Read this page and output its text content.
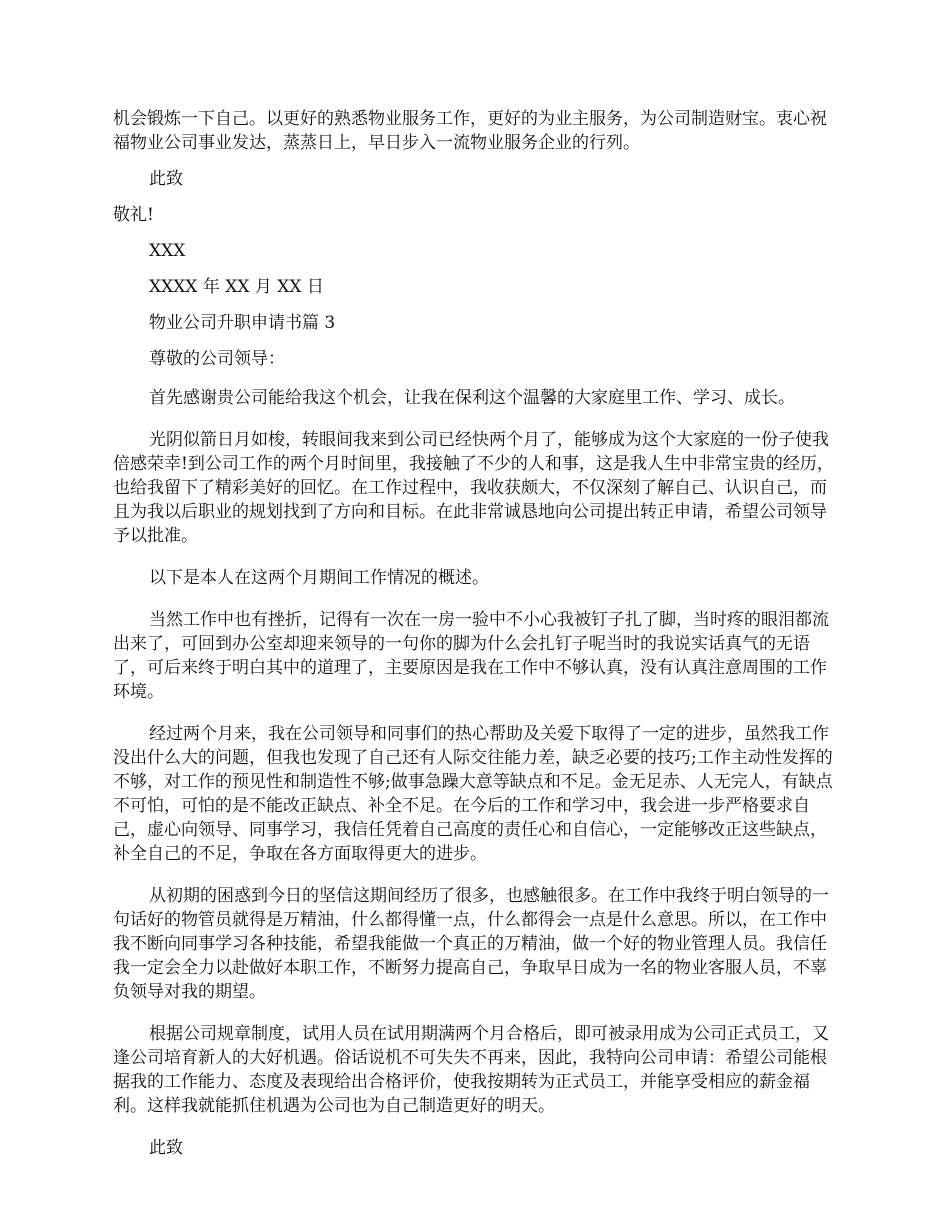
机会锻炼一下自己。以更好的熟悉物业服务工作，更好的为业主服务，为公司制造财宝。衷心祝福物业公司事业发达，蒸蒸日上，早日步入一流物业服务企业的行列。

此致

敬礼!

XXX

XXXX 年 XX 月 XX 日

物业公司升职申请书篇 3

尊敬的公司领导：

首先感谢贵公司能给我这个机会，让我在保利这个温馨的大家庭里工作、学习、成长。

光阴似箭日月如梭，转眼间我来到公司已经快两个月了，能够成为这个大家庭的一份子使我倍感荣幸!到公司工作的两个月时间里，我接触了不少的人和事，这是我人生中非常宝贵的经历，也给我留下了精彩美好的回忆。在工作过程中，我收获颇大，不仅深刻了解自己、认识自己，而且为我以后职业的规划找到了方向和目标。在此非常诚恳地向公司提出转正申请，希望公司领导予以批准。

以下是本人在这两个月期间工作情况的概述。

当然工作中也有挫折，记得有一次在一房一验中不小心我被钉子扎了脚，当时疼的眼泪都流出来了，可回到办公室却迎来领导的一句你的脚为什么会扎钉子呢当时的我说实话真气的无语了，可后来终于明白其中的道理了，主要原因是我在工作中不够认真，没有认真注意周围的工作环境。

经过两个月来，我在公司领导和同事们的热心帮助及关爱下取得了一定的进步，虽然我工作没出什么大的问题，但我也发现了自己还有人际交往能力差，缺乏必要的技巧;工作主动性发挥的不够，对工作的预见性和制造性不够;做事急躁大意等缺点和不足。金无足赤、人无完人，有缺点不可怕，可怕的是不能改正缺点、补全不足。在今后的工作和学习中，我会进一步严格要求自己，虚心向领导、同事学习，我信任凭着自己高度的责任心和自信心，一定能够改正这些缺点，补全自己的不足，争取在各方面取得更大的进步。

从初期的困惑到今日的坚信这期间经历了很多，也感触很多。在工作中我终于明白领导的一句话好的物管员就得是万精油，什么都得懂一点，什么都得会一点是什么意思。所以，在工作中我不断向同事学习各种技能，希望我能做一个真正的万精油，做一个好的物业管理人员。我信任我一定会全力以赴做好本职工作，不断努力提高自己，争取早日成为一名的物业客服人员，不辜负领导对我的期望。

根据公司规章制度，试用人员在试用期满两个月合格后，即可被录用成为公司正式员工，又逢公司培育新人的大好机遇。俗话说机不可失失不再来，因此，我特向公司申请：希望公司能根据我的工作能力、态度及表现给出合格评价，使我按期转为正式员工，并能享受相应的薪金福利。这样我就能抓住机遇为公司也为自己制造更好的明天。

此致
